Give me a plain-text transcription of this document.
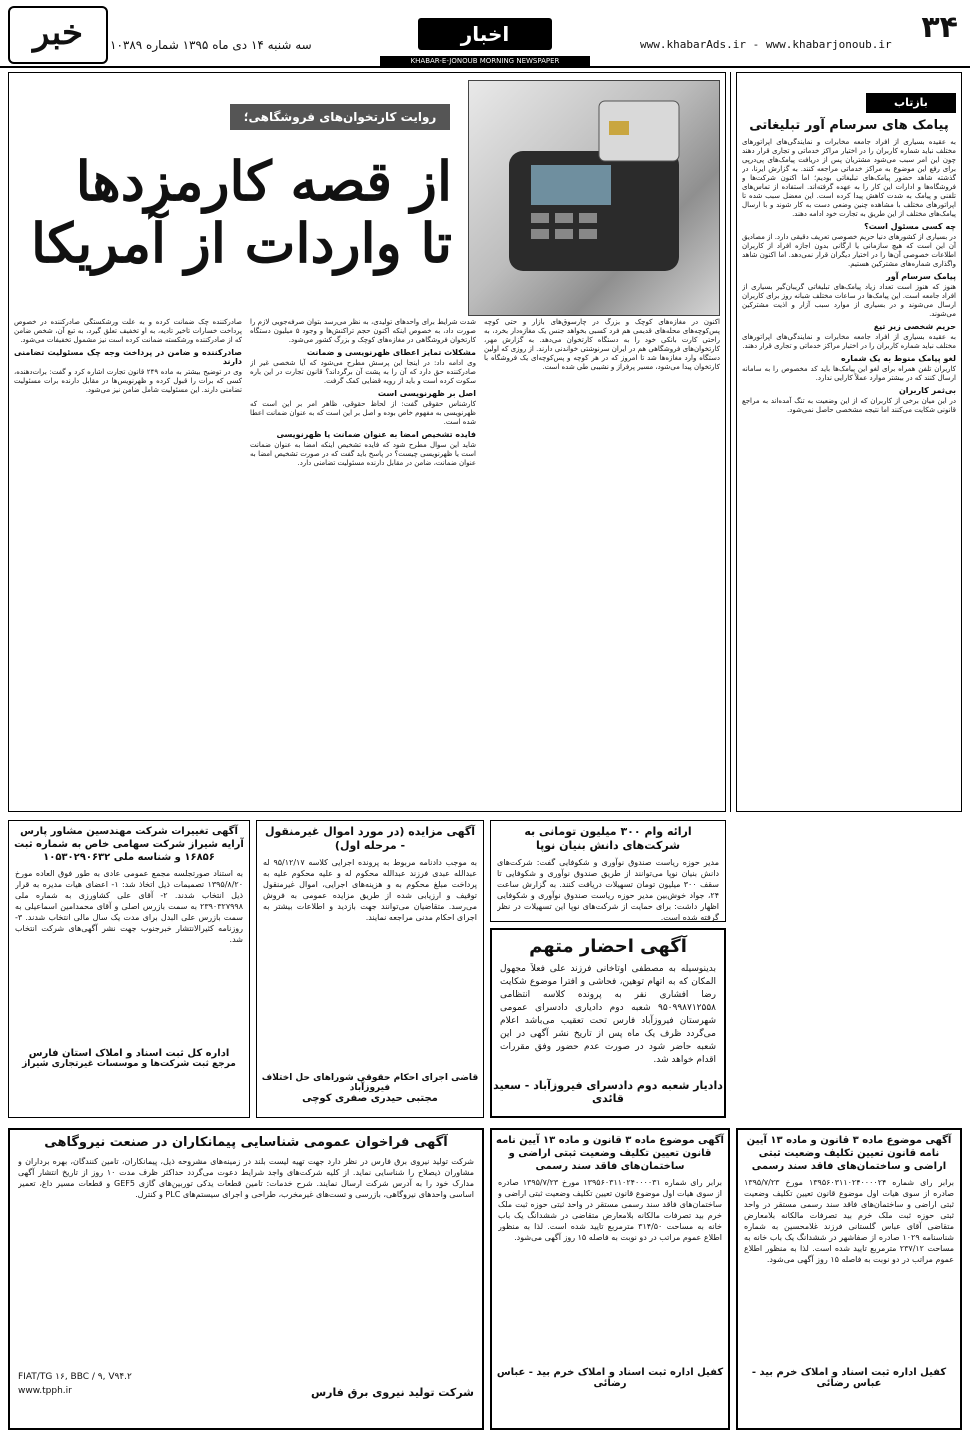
۳۴
www.khabarAds.ir - www.khabarjonoub.ir
اخبار
سه شنبه ۱۴ دی ماه ۱۳۹۵ شماره ۱۰۳۸۹
خبر
KHABAR-E-JONOUB MORNING NEWSPAPER
بازتاب
پیامک های سرسام آور تبلیغاتی

به عقیده بسیاری از افراد جامعه مخابرات و نمایندگی‌های اپراتورهای مختلف نباید شماره کاربران را در اختیار مراکز خدماتی و تجاری قرار دهند چون این امر سبب می‌شود مشتریان پس از دریافت پیامک‌های پی‌درپی برای رفع این موضوع به مراکز خدماتی مراجعه کنند. به گزارش ایرنا، در گذشته شاهد حضور پیامک‌های تبلیغاتی بودیم؛ اما اکنون شرکت‌ها و فروشگاه‌ها و ادارات این کار را به عهده گرفته‌اند. استفاده از تماس‌های تلفنی و پیامک به شدت کاهش پیدا کرده است. این معضل سبب شده تا اپراتورهای مختلف با مشاهده چنین وضعی دست به کار شوند و با ارسال پیامک‌های مختلف از این طریق به تجارت خود ادامه دهند.

چه کسی مسئول است؟

در بسیاری از کشورهای دنیا حریم خصوصی تعریف دقیقی دارد. از مصادیق آن این است که هیچ سازمانی یا ارگانی بدون اجازه افراد از کاربران اطلاعات خصوصی آن‌ها را در اختیار دیگران قرار نمی‌دهد. اما اکنون شاهد واگذاری شماره‌های مشترکین هستیم.

پیامک سرسام آور

هنوز که هنوز است تعداد زیاد پیامک‌های تبلیغاتی گریبان‌گیر بسیاری از افراد جامعه است. این پیامک‌ها در ساعات مختلف شبانه روز برای کاربران ارسال می‌شوند و در بسیاری از موارد سبب آزار و اذیت مشترکین می‌شوند.

حریم شخصی زیر تیغ

به عقیده بسیاری از افراد جامعه مخابرات و نمایندگی‌های اپراتورهای مختلف نباید شماره کاربران را در اختیار مراکز خدماتی و تجاری قرار دهند.

لغو پیامک منوط به یک شماره

کاربران تلفن همراه برای لغو این پیامک‌ها باید کد مخصوص را به سامانه ارسال کنند که در بیشتر موارد عملاً کارایی ندارد.

بی‌ثمر کاربران

در این میان برخی از کاربران که از این وضعیت به تنگ آمده‌اند به مراجع قانونی شکایت می‌کنند اما نتیجه مشخصی حاصل نمی‌شود.

روایت کارتخوان‌های فروشگاهی؛
از قصه کارمزدها
تا واردات از آمریکا

اکنون در مغازه‌های کوچک و بزرگ در چارسوق‌های بازار و حتی کوچه پس‌کوچه‌های محله‌های قدیمی هم فرد کسبی بخواهد جنس یک مغازه‌دار بخرد، به راحتی کارت بانکی خود را به دستگاه کارتخوان می‌دهد. به گزارش مهر، کارتخوان‌های فروشگاهی هم در ایران سرنوشتی خواندنی دارند. از روزی که اولین دستگاه وارد مغازه‌ها شد تا امروز که در هر کوچه و پس‌کوچه‌ای یک فروشگاه با کارتخوان پیدا می‌شود، مسیر پرفراز و نشیبی طی شده است.

شدت شرایط برای واحدهای تولیدی، به نظر می‌رسد بتوان صرفه‌جویی لازم را صورت داد، به خصوص اینکه اکنون حجم تراکنش‌ها و وجود ۵ میلیون دستگاه کارتخوان فروشگاهی در مغازه‌های کوچک و بزرگ کشور می‌شود.

مشکلات تمایز اعطای ظهرنویسی و ضمانت

وی ادامه داد: در اینجا این پرسش مطرح می‌شود که آیا شخصی غیر از صادرکننده حق دارد که آن را به پشت آن برگرداند؟ قانون تجارت در این باره سکوت کرده است و باید از رویه قضایی کمک گرفت.

اصل بر ظهرنویسی است

کارشناس حقوقی گفت: از لحاظ حقوقی، ظاهر امر بر این است که ظهرنویسی به مفهوم خاص بوده و اصل بر این است که به عنوان ضمانت اعطا شده است.

فایده تشخیص امضا به عنوان ضمانت یا ظهرنویسی

شاید این سوال مطرح شود که فایده تشخیص اینکه امضا به عنوان ضمانت است یا ظهرنویسی چیست؟ در پاسخ باید گفت که در صورت تشخیص امضا به عنوان ضمانت، ضامن در مقابل دارنده مسئولیت تضامنی دارد.

صادرکننده چک ضمانت کرده و به علت ورشکستگی صادرکننده در خصوص پرداخت خسارات تاخیر تادیه، به او تخفیف تعلق گیرد، به تبع آن، شخص ضامن که از صادرکننده ورشکسته ضمانت کرده است نیز مشمول تخفیفات می‌شود.

صادرکننده و ضامن در پرداخت وجه چک مسئولیت تضامنی دارند

وی در توضیح بیشتر به ماده ۲۴۹ قانون تجارت اشاره کرد و گفت: برات‌دهنده، کسی که برات را قبول کرده و ظهرنویس‌ها در مقابل دارنده برات مسئولیت تضامنی دارند. این مسئولیت شامل ضامن نیز می‌شود.

ارائه وام ۳۰۰ میلیون تومانی به شرکت‌های دانش بنیان نوپا
مدیر حوزه ریاست صندوق نوآوری و شکوفایی گفت: شرکت‌های دانش بنیان نوپا می‌توانند از طریق صندوق نوآوری و شکوفایی تا سقف ۳۰۰ میلیون تومان تسهیلات دریافت کنند. به گزارش ساعت ۲۴، جواد خوش‌بین مدیر حوزه ریاست صندوق نوآوری و شکوفایی اظهار داشت: برای حمایت از شرکت‌های نوپا این تسهیلات در نظر گرفته شده است.
آگهی احضار متهم
بدینوسیله به مصطفی اوتاخانی فرزند علی فعلاً مجهول المکان که به اتهام توهین، فحاشی و افترا موضوع شکایت رضا افشاری نفر به پرونده کلاسه انتظامی ۹۵۰۹۹۸۷۱۲۵۵۸ شعبه دوم دادیاری دادسرای عمومی شهرستان فیروزآباد فارس تحت تعقیب می‌باشد اعلام می‌گردد ظرف یک ماه پس از تاریخ نشر آگهی در این شعبه حاضر شود در صورت عدم حضور وفق مقررات اقدام خواهد شد.
دادیار شعبه دوم دادسرای فیروزآباد - سعید قائدی
آگهی مزایده (در مورد اموال غیرمنقول - مرحله اول)
به موجب دادنامه مربوط به پرونده اجرایی کلاسه ۹۵/۱۲/۱۷ له عبدالله عبدی فرزند عبدالله محکوم له و علیه محکوم علیه به پرداخت مبلغ محکوم به و هزینه‌های اجرایی، اموال غیرمنقول توقیف و ارزیابی شده از طریق مزایده عمومی به فروش می‌رسد. متقاضیان می‌توانند جهت بازدید و اطلاعات بیشتر به اجرای احکام مدنی مراجعه نمایند.
قاضی اجرای احکام حقوقی شوراهای حل اختلاف فیروزآباد
مجتبی حیدری صفری کوچی
آگهی تغییرات شرکت مهندسین مشاور پارس آرایه شیراز شرکت سهامی خاص به شماره ثبت ۱۶۸۵۶ و شناسه ملی ۱۰۵۳۰۲۹۰۶۳۲
به استناد صورتجلسه مجمع عمومی عادی به طور فوق العاده مورخ ۱۳۹۵/۸/۲۰ تصمیمات ذیل اتخاذ شد: ۱- اعضای هیات مدیره به قرار ذیل انتخاب شدند. ۲- آقای علی کشاورزی به شماره ملی ۲۳۹۰۳۲۷۹۹۸ به سمت بازرس اصلی و آقای محمدامین اسماعیلی به سمت بازرس علی البدل برای مدت یک سال مالی انتخاب شدند. ۳- روزنامه کثیرالانتشار خبرجنوب جهت نشر آگهی‌های شرکت انتخاب شد.
اداره کل ثبت اسناد و املاک استان فارس
مرجع ثبت شرکت‌ها و موسسات غیرتجاری شیراز
آگهی موضوع ماده ۳ قانون و ماده ۱۳ آیین نامه قانون تعیین تکلیف وضعیت ثبتی اراضی و ساختمان‌های فاقد سند رسمی
برابر رای شماره ۱۳۹۵۶۰۳۱۱۰۲۴۰۰۰۰۲۴ مورخ ۱۳۹۵/۷/۲۳ صادره از سوی هیات اول موضوع قانون تعیین تکلیف وضعیت ثبتی اراضی و ساختمان‌های فاقد سند رسمی مستقر در واحد ثبتی حوزه ثبت ملک خرم بید تصرفات مالکانه بلامعارض متقاضی آقای عباس گلستانی فرزند غلامحسین به شماره شناسنامه ۱۰۲۹ صادره از صفاشهر در ششدانگ یک باب خانه به مساحت ۲۳۷/۱۲ مترمربع تایید شده است. لذا به منظور اطلاع عموم مراتب در دو نوبت به فاصله ۱۵ روز آگهی می‌شود.
کفیل اداره ثبت اسناد و املاک خرم بید - عباس رضائی
آگهی موضوع ماده ۳ قانون و ماده ۱۳ آیین نامه قانون تعیین تکلیف وضعیت ثبتی اراضی و ساختمان‌های فاقد سند رسمی
برابر رای شماره ۱۳۹۵۶۰۳۱۱۰۲۴۰۰۰۰۳۱ مورخ ۱۳۹۵/۷/۲۳ صادره از سوی هیات اول موضوع قانون تعیین تکلیف وضعیت ثبتی اراضی و ساختمان‌های فاقد سند رسمی مستقر در واحد ثبتی حوزه ثبت ملک خرم بید تصرفات مالکانه بلامعارض متقاضی در ششدانگ یک باب خانه به مساحت ۳۱۴/۵۰ مترمربع تایید شده است. لذا به منظور اطلاع عموم مراتب در دو نوبت به فاصله ۱۵ روز آگهی می‌شود.
کفیل اداره ثبت اسناد و املاک خرم بید - عباس رضائی
آگهی فراخوان عمومی شناسایی پیمانکاران در صنعت نیروگاهی
شرکت تولید نیروی برق فارس در نظر دارد جهت تهیه لیست بلند در زمینه‌های مشروحه ذیل، پیمانکاران، تامین کنندگان، بهره برداران و مشاوران ذیصلاح را شناسایی نماید. از کلیه شرکت‌های واجد شرایط دعوت می‌گردد حداکثر ظرف مدت ۱۰ روز از تاریخ انتشار آگهی مدارک خود را به آدرس شرکت ارسال نمایند. شرح خدمات: تامین قطعات یدکی توربین‌های گازی GE‌F5 و قطعات مسیر داغ، تعمیر اساسی واحدهای نیروگاهی، بازرسی و تست‌های غیرمخرب، طراحی و اجرای سیستم‌های PLC و کنترل.
FIAT/TG ۱۶, BBC / ۹, V۹۴.۲
شرکت تولید نیروی برق فارس
www.tpph.ir
